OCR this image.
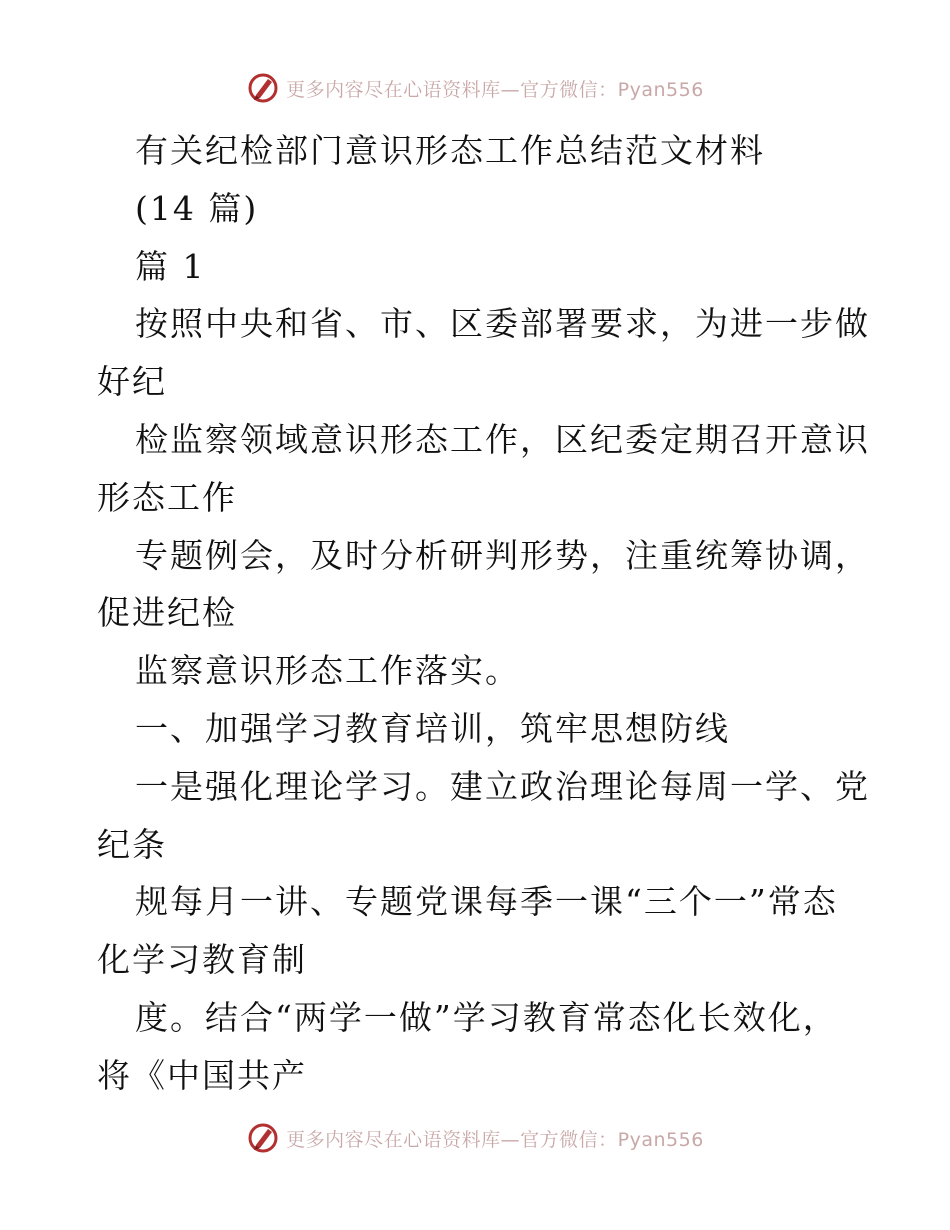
更多内容尽在心语资料库—官方微信：Pyan556
有关纪检部门意识形态工作总结范文材料
(14 篇)
篇 1
按照中央和省、市、区委部署要求，为进一步做
好纪
检监察领域意识形态工作，区纪委定期召开意识
形态工作
专题例会，及时分析研判形势，注重统筹协调，
促进纪检
监察意识形态工作落实。
一、加强学习教育培训，筑牢思想防线
一是强化理论学习。建立政治理论每周一学、党
纪条
规每月一讲、专题党课每季一课“三个一”常态
化学习教育制
度。结合“两学一做”学习教育常态化长效化，
将《中国共产
更多内容尽在心语资料库—官方微信：Pyan556
